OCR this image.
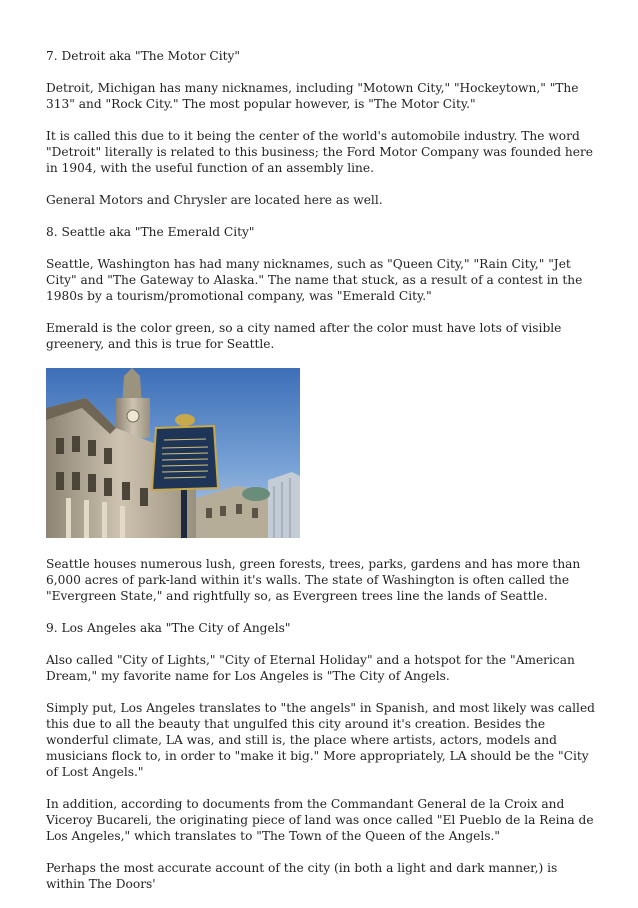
7. Detroit aka "The Motor City"

Detroit, Michigan has many nicknames, including "Motown City," "Hockeytown," "The 313" and "Rock City." The most popular however, is "The Motor City."

It is called this due to it being the center of the world's automobile industry. The word "Detroit" literally is related to this business; the Ford Motor Company was founded here in 1904, with the useful function of an assembly line.

General Motors and Chrysler are located here as well.

8. Seattle aka "The Emerald City"

Seattle, Washington has had many nicknames, such as "Queen City," "Rain City," "Jet City" and "The Gateway to Alaska." The name that stuck, as a result of a contest in the 1980s by a tourism/promotional company, was "Emerald City."

Emerald is the color green, so a city named after the color must have lots of visible greenery, and this is true for Seattle.

Seattle houses numerous lush, green forests, trees, parks, gardens and has more than 6,000 acres of park-land within it's walls. The state of Washington is often called the "Evergreen State," and rightfully so, as Evergreen trees line the lands of Seattle.

9. Los Angeles aka "The City of Angels"

Also called "City of Lights," "City of Eternal Holiday" and a hotspot for the "American Dream," my favorite name for Los Angeles is "The City of Angels.

Simply put, Los Angeles translates to "the angels" in Spanish, and most likely was called this due to all the beauty that ungulfed this city around it's creation. Besides the wonderful climate, LA was, and still is, the place where artists, actors, models and musicians flock to, in order to "make it big." More appropriately, LA should be the "City of Lost Angels."

In addition, according to documents from the Commandant General de la Croix and Viceroy Bucareli, the originating piece of land was once called "El Pueblo de la Reina de Los Angeles," which translates to "The Town of the Queen of the Angels."

Perhaps the most accurate account of the city (in both a light and dark manner,) is within The Doors'
